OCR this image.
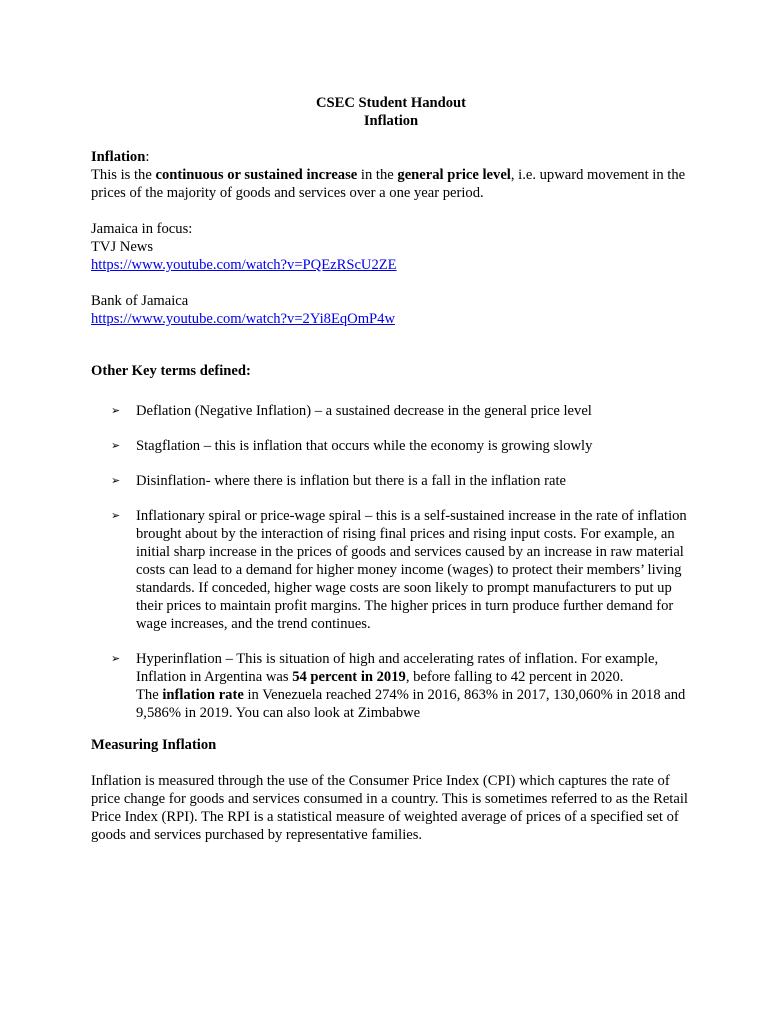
CSEC Student Handout

Inflation

Inflation:
This is the continuous or sustained increase in the general price level, i.e. upward movement in the prices of the majority of goods and services over a one year period.

Jamaica in focus:

TVJ News

https://www.youtube.com/watch?v=PQEzRScU2ZE

Bank of Jamaica

https://www.youtube.com/watch?v=2Yi8EqOmP4w

Other Key terms defined:

➢ Deflation (Negative Inflation) – a sustained decrease in the general price level
➢ Stagflation – this is inflation that occurs while the economy is growing slowly
➢ Disinflation- where there is inflation but there is a fall in the inflation rate
➢ Inflationary spiral or price-wage spiral – this is a self-sustained increase in the rate of inflation brought about by the interaction of rising final prices and rising input costs. For example, an initial sharp increase in the prices of goods and services caused by an increase in raw material costs can lead to a demand for higher money income (wages) to protect their members’ living standards. If conceded, higher wage costs are soon likely to prompt manufacturers to put up their prices to maintain profit margins. The higher prices in turn produce further demand for wage increases, and the trend continues.
➢ Hyperinflation – This is situation of high and accelerating rates of inflation. For example, Inflation in Argentina was 54 percent in 2019, before falling to 42 percent in 2020.
The inflation rate in Venezuela reached 274% in 2016, 863% in 2017, 130,060% in 2018 and 9,586% in 2019. You can also look at Zimbabwe

Measuring Inflation

Inflation is measured through the use of the Consumer Price Index (CPI) which captures the rate of price change for goods and services consumed in a country. This is sometimes referred to as the Retail Price Index (RPI). The RPI is a statistical measure of weighted average of prices of a specified set of goods and services purchased by representative families.
